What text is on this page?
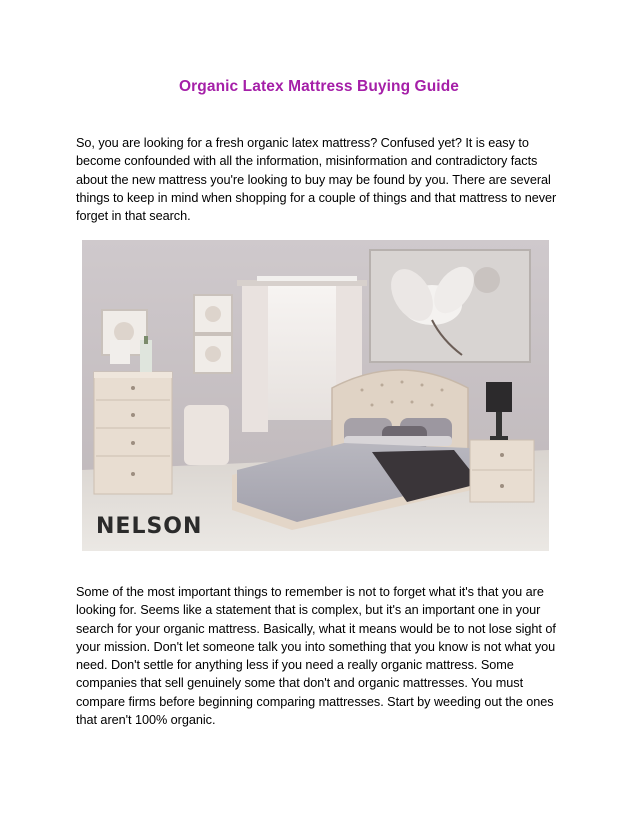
Organic Latex Mattress Buying Guide
So, you are looking for a fresh organic latex mattress? Confused yet? It is easy to become confounded with all the information, misinformation and contradictory facts about the new mattress you're looking to buy may be found by you. There are several things to keep in mind when shopping for a couple of things and that mattress to never forget in that search.
NELSON
Some of the most important things to remember is not to forget what it's that you are looking for. Seems like a statement that is complex, but it's an important one in your search for your organic mattress. Basically, what it means would be to not lose sight of your mission. Don't let someone talk you into something that you know is not what you need. Don't settle for anything less if you need a really organic mattress. Some companies that sell genuinely some that don't and organic mattresses. You must compare firms before beginning comparing mattresses. Start by weeding out the ones that aren't 100% organic.
